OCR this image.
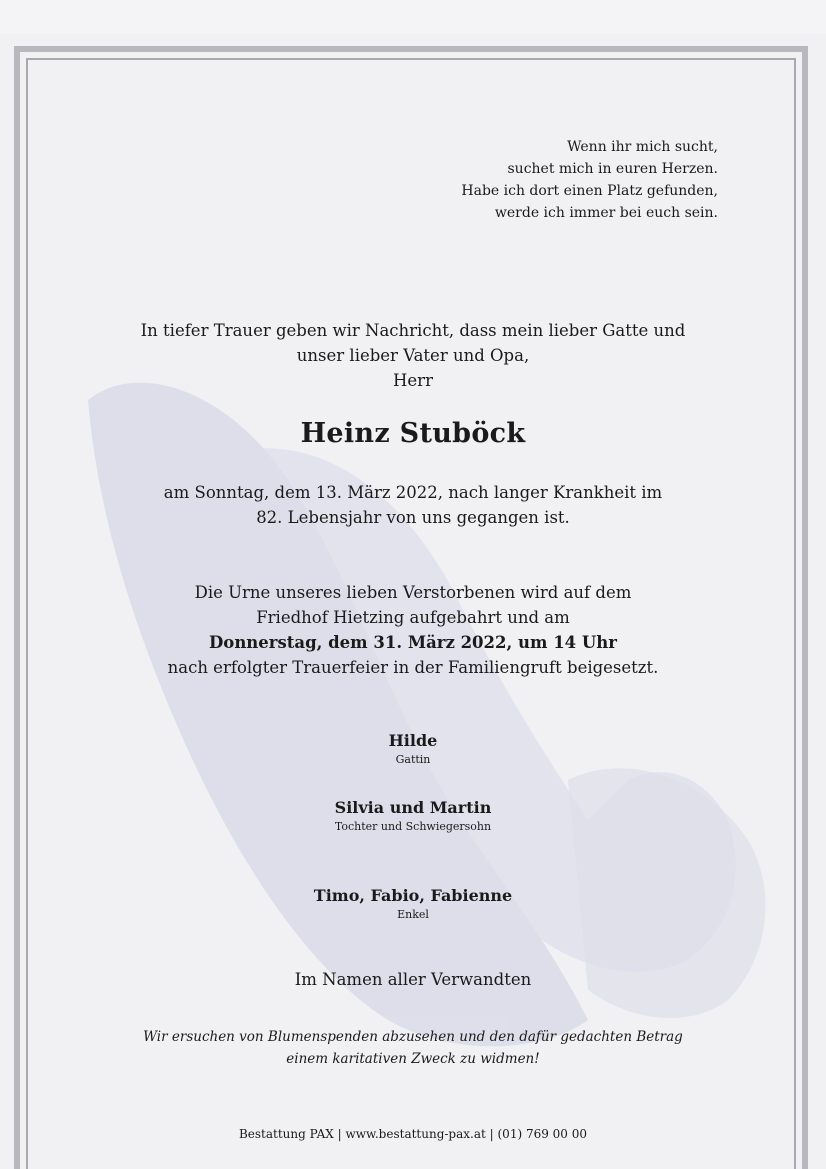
Wenn ihr mich sucht,
suchet mich in euren Herzen.
Habe ich dort einen Platz gefunden,
werde ich immer bei euch sein.
In tiefer Trauer geben wir Nachricht, dass mein lieber Gatte und
unser lieber Vater und Opa,
Herr
Heinz Stuböck
am Sonntag, dem 13. März 2022, nach langer Krankheit im
82. Lebensjahr von uns gegangen ist.
Die Urne unseres lieben Verstorbenen wird auf dem
Friedhof Hietzing aufgebahrt und am
Donnerstag, dem 31. März 2022, um 14 Uhr
nach erfolgter Trauerfeier in der Familiengruft beigesetzt.
Hilde
Gattin
Silvia und Martin
Tochter und Schwiegersohn
Timo, Fabio, Fabienne
Enkel
Im Namen aller Verwandten
Wir ersuchen von Blumenspenden abzusehen und den dafür gedachten Betrag
einem karitativen Zweck zu widmen!
Bestattung PAX | www.bestattung-pax.at | (01) 769 00 00
